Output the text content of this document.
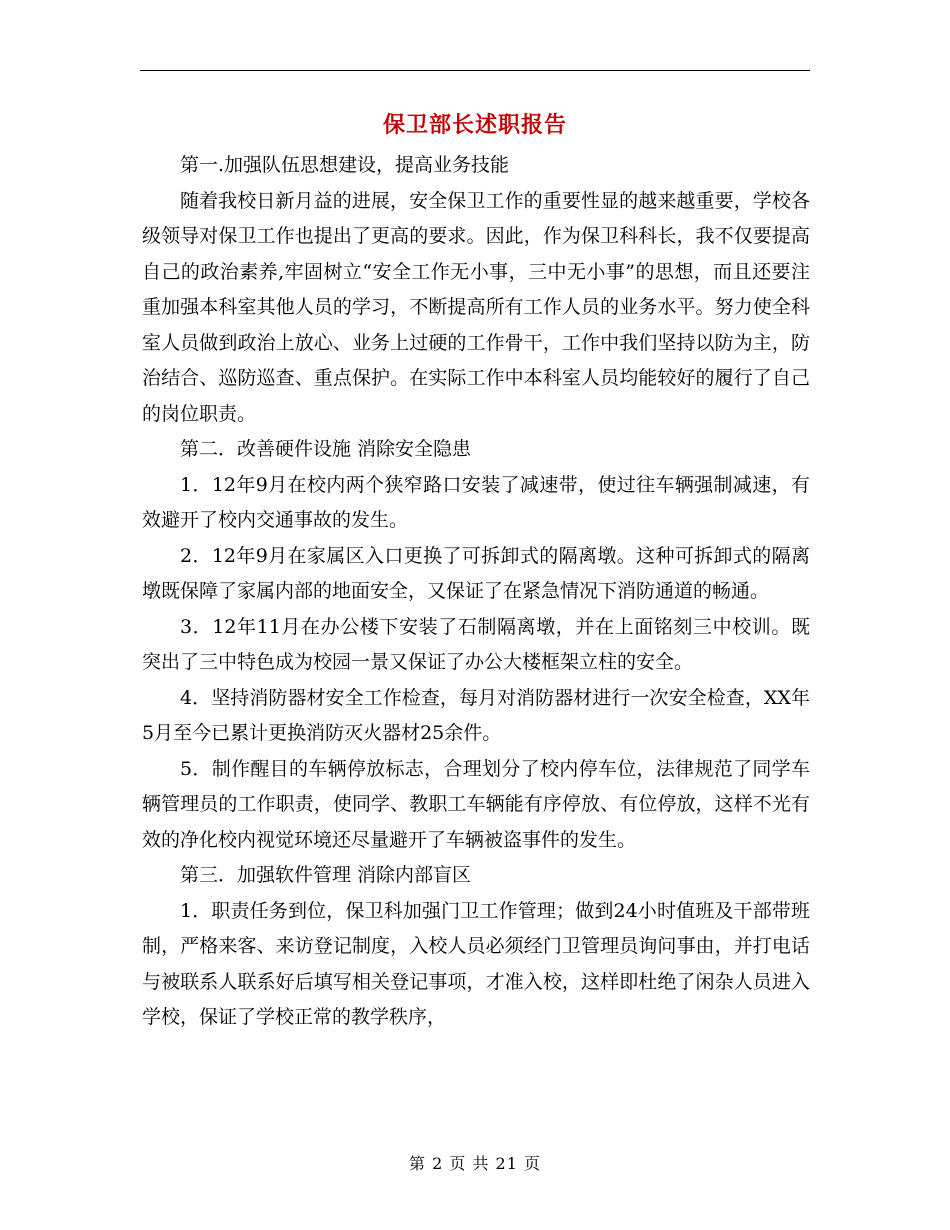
保卫部长述职报告

第一.加强队伍思想建设，提高业务技能

随着我校日新月益的进展，安全保卫工作的重要性显的越来越重要，学校各级领导对保卫工作也提出了更高的要求。因此，作为保卫科科长，我不仅要提高自己的政治素养,牢固树立“安全工作无小事，三中无小事”的思想，而且还要注重加强本科室其他人员的学习，不断提高所有工作人员的业务水平。努力使全科室人员做到政治上放心、业务上过硬的工作骨干，工作中我们坚持以防为主，防治结合、巡防巡查、重点保护。在实际工作中本科室人员均能较好的履行了自己的岗位职责。

第二．改善硬件设施 消除安全隐患

1．12年9月在校内两个狭窄路口安装了减速带，使过往车辆强制减速，有效避开了校内交通事故的发生。

2．12年9月在家属区入口更换了可拆卸式的隔离墩。这种可拆卸式的隔离墩既保障了家属内部的地面安全，又保证了在紧急情况下消防通道的畅通。

3．12年11月在办公楼下安装了石制隔离墩，并在上面铭刻三中校训。既突出了三中特色成为校园一景又保证了办公大楼框架立柱的安全。

4．坚持消防器材安全工作检查，每月对消防器材进行一次安全检查，XX年5月至今已累计更换消防灭火器材25余件。

5．制作醒目的车辆停放标志，合理划分了校内停车位，法律规范了同学车辆管理员的工作职责，使同学、教职工车辆能有序停放、有位停放，这样不光有效的净化校内视觉环境还尽量避开了车辆被盗事件的发生。

第三．加强软件管理 消除内部盲区

1．职责任务到位，保卫科加强门卫工作管理；做到24小时值班及干部带班制，严格来客、来访登记制度，入校人员必须经门卫管理员询问事由，并打电话与被联系人联系好后填写相关登记事项，才准入校，这样即杜绝了闲杂人员进入学校，保证了学校正常的教学秩序，

第 2 页 共 21 页
